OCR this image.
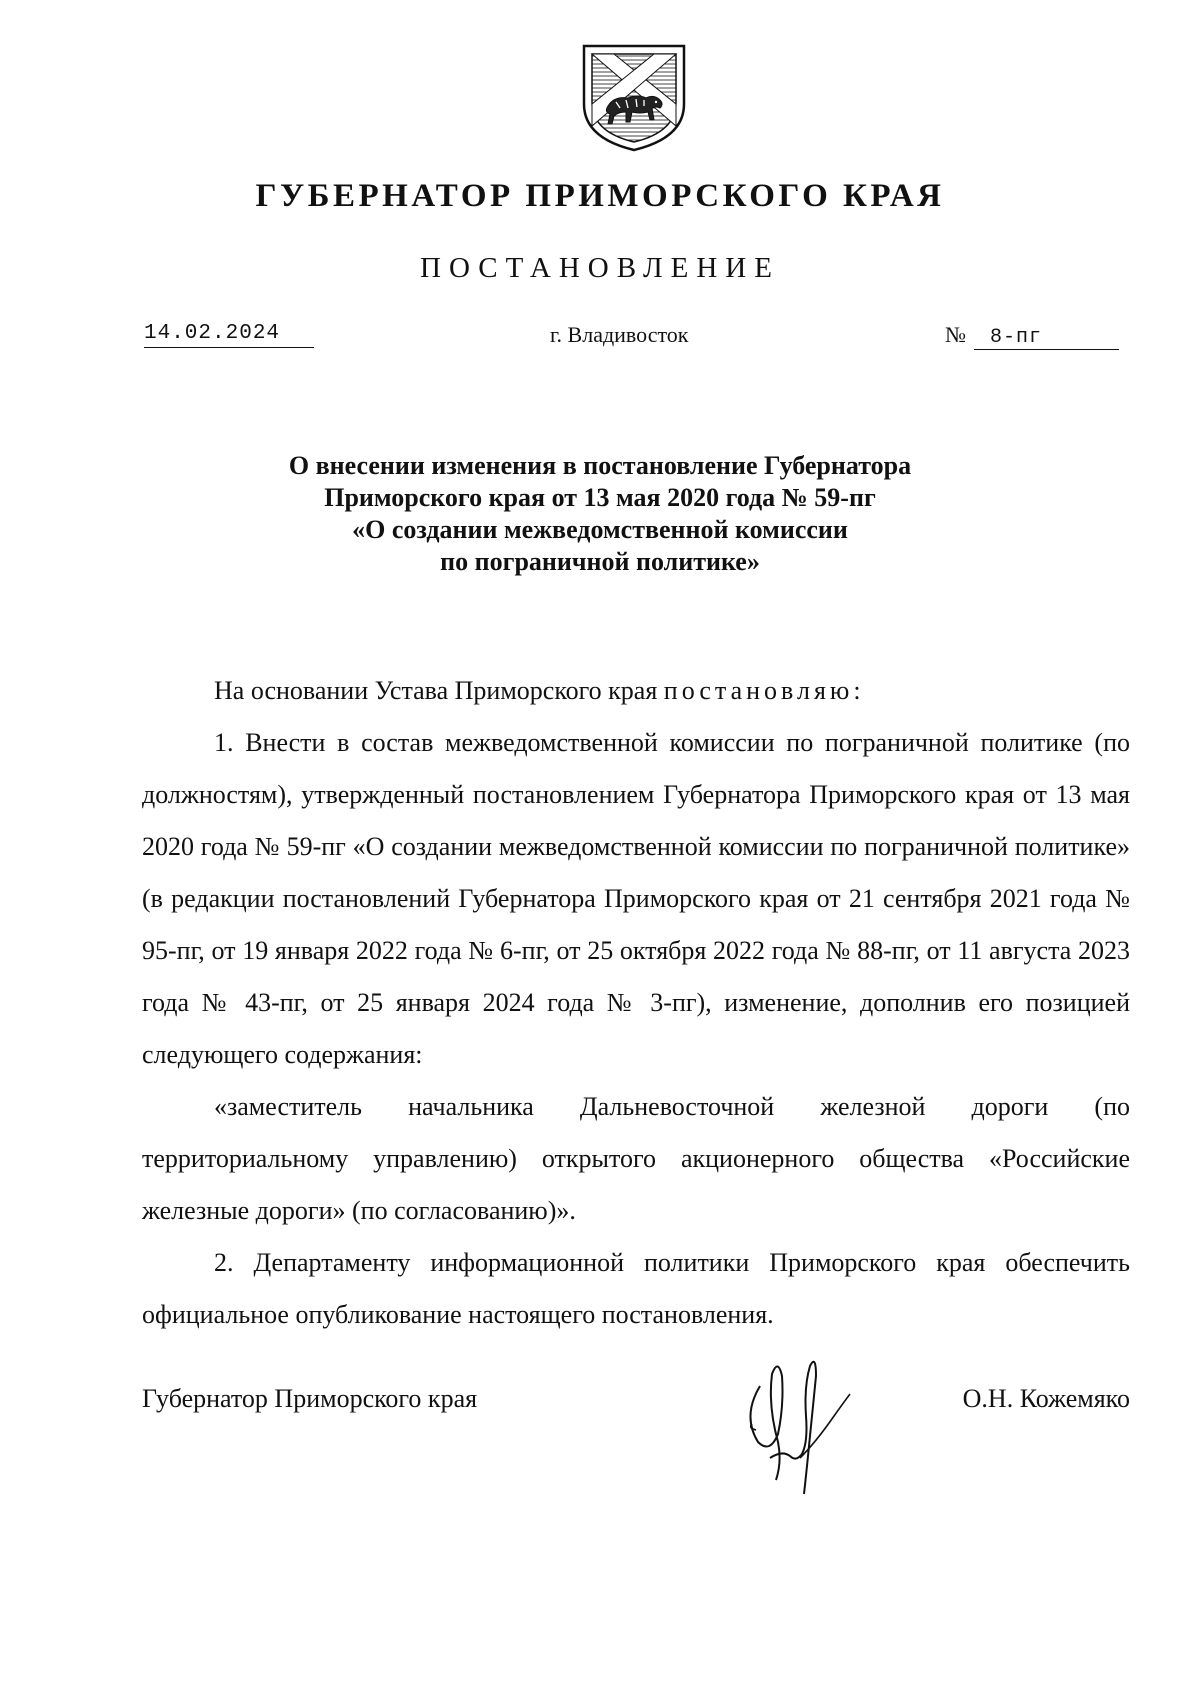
ГУБЕРНАТОР ПРИМОРСКОГО КРАЯ
ПОСТАНОВЛЕНИЕ
14.02.2024	г. Владивосток	№ 8-пг
О внесении изменения в постановление Губернатора
Приморского края от 13 мая 2020 года № 59-пг
«О создании межведомственной комиссии
по пограничной политике»

На основании Устава Приморского края постановляю:

1. Внести в состав межведомственной комиссии по пограничной политике (по должностям), утвержденный постановлением Губернатора Приморского края от 13 мая 2020 года № 59-пг «О создании межведомственной комиссии по пограничной политике» (в редакции постановлений Губернатора Приморского края от 21 сентября 2021 года № 95-пг, от 19 января 2022 года № 6-пг, от 25 октября 2022 года № 88-пг, от 11 августа 2023 года № 43-пг, от 25 января 2024 года № 3-пг), изменение, дополнив его позицией следующего содержания:

«заместитель начальника Дальневосточной железной дороги (по территориальному управлению) открытого акционерного общества «Российские железные дороги» (по согласованию)».

2. Департаменту информационной политики Приморского края обеспечить официальное опубликование настоящего постановления.

Губернатор Приморского края	О.Н. Кожемяко
